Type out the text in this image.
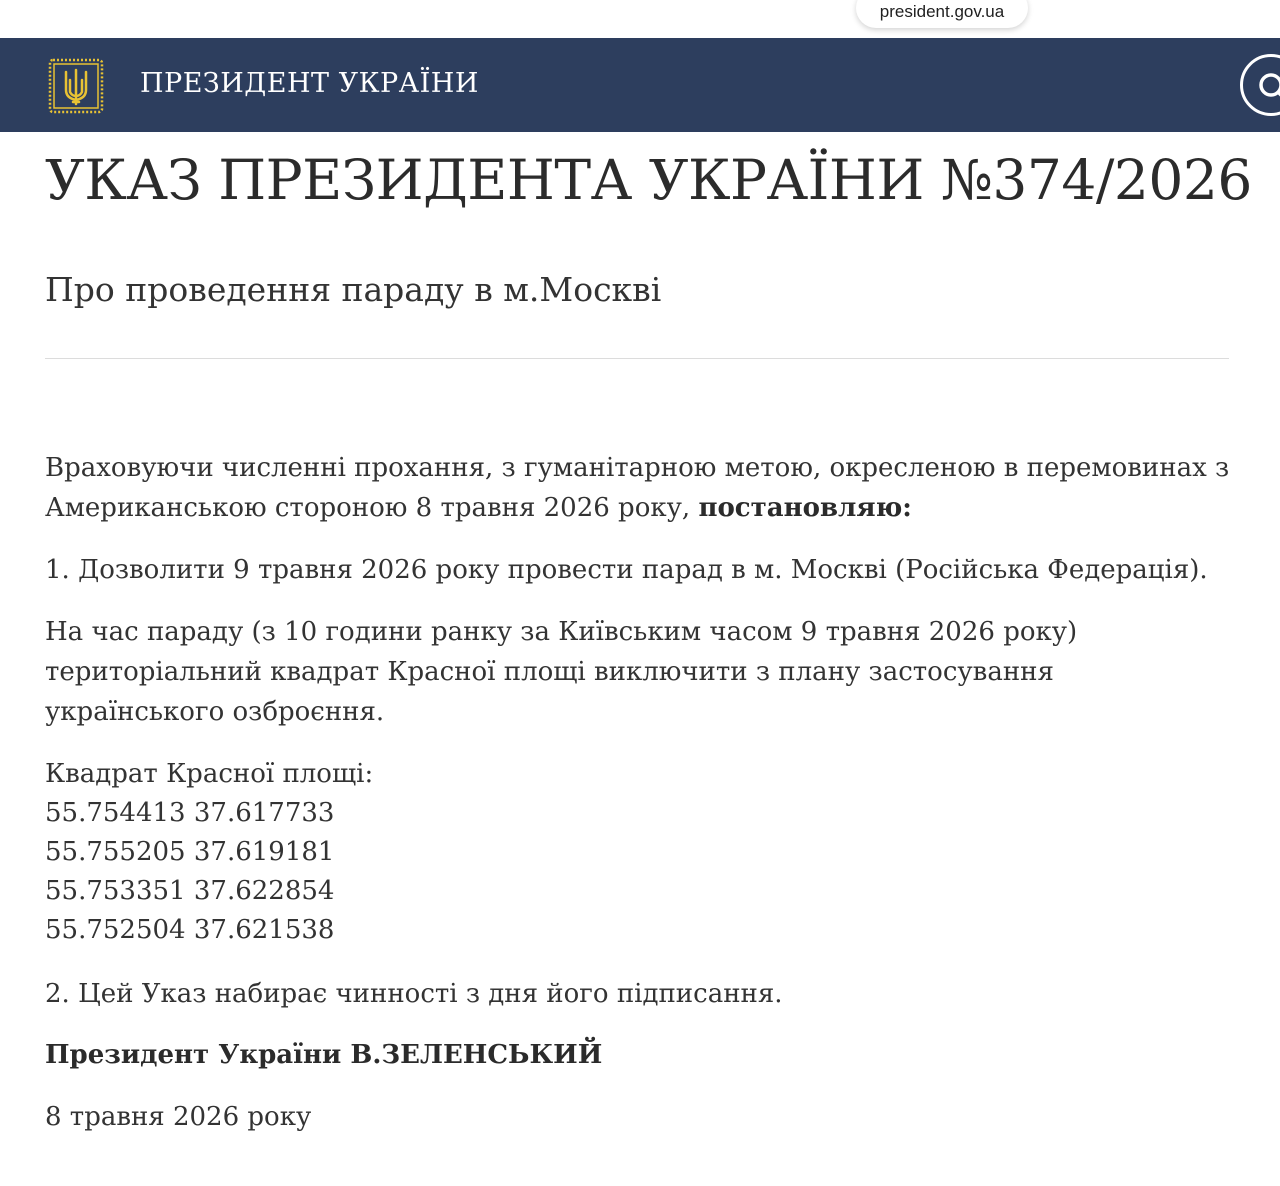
president.gov.ua
ПРЕЗИДЕНТ УКРАЇНИ
УКАЗ ПРЕЗИДЕНТА УКРАЇНИ №374/2026
Про проведення параду в м.Москві

Враховуючи численні прохання, з гуманітарною метою, окресленою в перемовинах з Американською стороною 8 травня 2026 року, постановляю:

1. Дозволити 9 травня 2026 року провести парад в м. Москві (Російська Федерація).

На час параду (з 10 години ранку за Київським часом 9 травня 2026 року) територіальний квадрат Красної площі виключити з плану застосування українського озброєння.

Квадрат Красної площі:

55.754413 37.617733
55.755205 37.619181
55.753351 37.622854
55.752504 37.621538

2. Цей Указ набирає чинності з дня його підписання.

Президент України В.ЗЕЛЕНСЬКИЙ

8 травня 2026 року
